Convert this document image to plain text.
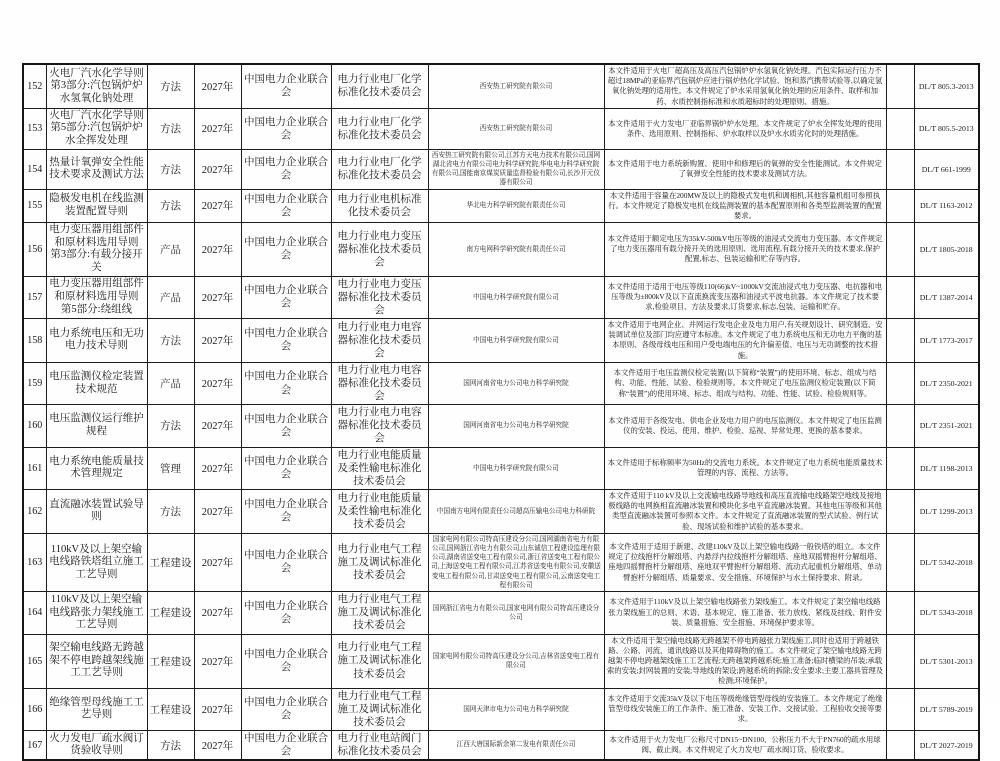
152	火电厂汽水化学导则 第3部分:汽包锅炉炉水氢氧化钠处理	方法	2027年	中国电力企业联合会	电力行业电厂化学标准化技术委员会	西安热工研究院有限公司	本文件适用于火电厂超高压及高压汽包锅炉炉水氢氧化钠处理。汽包实际运行压力不超过18MPa的亚临界汽包锅炉应进行锅炉热化学试验、饱和蒸汽携带试验等,以确定氢氧化钠处理的适用性。本文件规定了炉水采用氢氧化钠处理的应用条件、取样和加药、水质控制指标准和水质超标时的处理原则、措施。		DL/T 805.3-2013
153	火电厂汽水化学导则 第5部分:汽包锅炉炉水全挥发处理	方法	2027年	中国电力企业联合会	电力行业电厂化学标准化技术委员会	西安热工研究院有限公司	本文件适用于火力发电厂亚临界锅炉炉水处理。本文件规定了炉水全挥发处理的使用条件、选用原则、控制指标、炉水取样以及炉水水质劣化时的处理措施。		DL/T 805.5-2013
154	热量计氧弹安全性能技术要求及测试方法	方法	2027年	中国电力企业联合会	电力行业电厂化学标准化技术委员会	西安热工研究院有限公司,江苏方天电力技术有限公司,国网湖北省电力有限公司电力科学研究院,华电电力科学研究院有限公司,国能南京煤炭质量监督检验有限公司,长沙开元仪器有限公司	本文件适用于电力系统新购置、使用中和修理后的氧弹的安全性能测试。本文件规定了氧弹安全性能的技术要求及测试方法。		DL/T 661-1999
155	隐极发电机在线监测装置配置导则	方法	2027年	中国电力企业联合会	电力行业电机标准化技术委员会	华北电力科学研究院有限责任公司	本文件适用于容量在200MW及以上的隐极式发电机和调相机,其他容量机组可参照执行。本文件规定了隐极发电机在线监测装置的基本配置原则和各类型监测装置的配置要求。		DL/T 1163-2012
156	电力变压器用组部件和原材料选用导则 第3部分:有载分接开关	产品	2027年	中国电力企业联合会	电力行业电力变压器标准化技术委员会	南方电网科学研究院有限责任公司	本文件适用于额定电压为35kV-500kV电压等级的油浸式交流电力变压器。本文件规定了电力变压器用有载分接开关的选用原则、选用流程,有载分接开关的技术要求,保护配置,标志、包装运输和贮存等内容。		DL/T 1805-2018
157	电力变压器用组部件和原材料选用导则 第5部分:绕组线	产品	2027年	中国电力企业联合会	电力行业电力变压器标准化技术委员会	中国电力科学研究院有限公司	本文件适用于适用于电压等级110(66)kV~1000kV交流油浸式电力变压器、电抗器和电压等级为±800kV及以下直流换流变压器和油浸式平波电抗器。本文件规定了技术要求,检验项目、方法及要求,订货要求,标志,包装、运输和贮存。		DL/T 1387-2014
158	电力系统电压和无功电力技术导则	方法	2027年	中国电力企业联合会	电力行业电力电容器标准化技术委员会	中国电力科学研究院有限公司	本文件适用于电网企业、并网运行发电企业及电力用户,有关规划设计、研究制造、安装调试单位及部门均应遵守本标准。本文件规定了电力系统电压和无功电力平衡的基本原则、各级母线电压和用户受电端电压的允许偏差值、电压与无功调整的技术措施。		DL/T 1773-2017
159	电压监测仪检定装置技术规范	产品	2027年	中国电力企业联合会	电力行业电力电容器标准化技术委员会	国网河南省电力公司电力科学研究院	本文件适用于电压监测仪检定装置(以下简称“装置”)的使用环境、标志、组成与结构、功能、性能、试验、检验规则等。本文件规定了电压监测仪检定装置(以下简称“装置”)的使用环境、标志、组成与结构、功能、性能、试验、检验规则等。		DL/T 2350-2021
160	电压监测仪运行维护规程	方法	2027年	中国电力企业联合会	电力行业电力电容器标准化技术委员会	国网河南省电力公司电力科学研究院	本文件适用于各级发电、供电企业及电力用户的电压监测仪。本文件规定了电压监测仪的安装、投运、使用、维护、检验、巡视、异常处理、更换的基本要求。		DL/T 2351-2021
161	电力系统电能质量技术管理规定	管理	2027年	中国电力企业联合会	电力行业电能质量及柔性输电标准化技术委员会	中国电力科学研究院有限公司	本文件适用于标称频率为50Hz的交流电力系统。本文件规定了电力系统电能质量技术管理的内容、流程、方法等。		DL/T 1198-2013
162	直流融冰装置试验导则	方法	2027年	中国电力企业联合会	电力行业电能质量及柔性输电标准化技术委员会	中国南方电网有限责任公司超高压输电公司电力科研院	本文件适用于110 kV及以上交流输电线路导地线和高压直流输电线路架空地线及接地极线路的电网换相直流融冰装置和模块化多电平直流融冰装置。其他电压等级和其他类型直流融冰装置可参照本文件。本文件规定了直流融冰装置的型式试验、例行试验、现场试验和维护试验的基本要求。		DL/T 1299-2013
163	110kV及以上架空输电线路铁塔组立施工工艺导则	工程建设	2027年	中国电力企业联合会	电力行业电气工程施工及调试标准化技术委员会	国家电网有限公司特高压建设分公司,国网湖南省电力有限公司,国网浙江省电力有限公司,山东诚信工程建设监理有限公司,湖南省送变电工程有限公司,浙江省送变电工程有限公司,上海送变电工程有限公司,江苏省送变电有限公司,安徽送变电工程有限公司,甘肃送变电工程有限公司,云南送变电工程有限公司	本文件适用于适用于新建、改建110kV及以上架空输电线路一般铁塔的组立。本文件规定了拉线抱杆分解组塔、内悬浮内拉线抱杆分解组塔、座地双摇臂抱杆分解组塔、座地四摇臂抱杆分解组塔、座地双平臂抱杆分解组塔、流动式起重机分解组塔、单动臂抱杆分解组塔、质量要求、安全措施、环境保护与水土保持要求、附录。		DL/T 5342-2018
164	110kV及以上架空输电线路张力架线施工工艺导则	工程建设	2027年	中国电力企业联合会	电力行业电气工程施工及调试标准化技术委员会	国网浙江省电力有限公司,国家电网有限公司特高压建设分公司	本文件适用于110kV及以上架空输电线路张力架线施工。本文件规定了架空输电线路张力架线施工的总则、术语、基本规定、施工准备、张力放线、紧线及挂线、附件安装、质量措施、安全措施、环境保护要求等。		DL/T 5343-2018
165	架空输电线路无跨越架不停电跨越架线施工工艺导则	工程建设	2027年	中国电力企业联合会	电力行业电气工程施工及调试标准化技术委员会	国家电网有限公司特高压建设分公司,吉林省送变电工程有限公司	本文件适用于架空输电线路无跨越架不停电跨越张力架线施工,同时也适用于跨越铁路、公路、河流、通讯线路以及其他障碍物的施工。本文件规定了架空输电线路无跨越架不停电跨越架线施工工艺流程;无跨越架跨越系统;施工准备;临时横梁的吊装;承载索的安装;封网装置的安装;导地线的架设;跨越系统的拆除;安全要求;主要工器具管理及检测;环境保护。		DL/T 5301-2013
166	绝缘管型母线施工工艺导则	工程建设	2027年	中国电力企业联合会	电力行业电气工程施工及调试标准化技术委员会	国网天津市电力公司电力科学研究院	本文件适用于交流35kV及以下电压等级绝缘管型母线的安装施工。本文件规定了绝缘管型母线安装施工的工作条件、施工准备、安装工作、交接试验、工程验收交接等要求。		DL/T 5789-2019
167	火力发电厂疏水阀订货验收导则	方法	2027年	中国电力企业联合会	电力行业电站阀门标准化技术委员会	江西大唐国际新余第二发电有限责任公司	本文件适用于火力发电厂公称尺寸DN15~DN100、公称压力不大于PN760的疏水用球阀、截止阀。本文件规定了火力发电厂疏水阀订货、验收要求。		DL/T 2027-2019
